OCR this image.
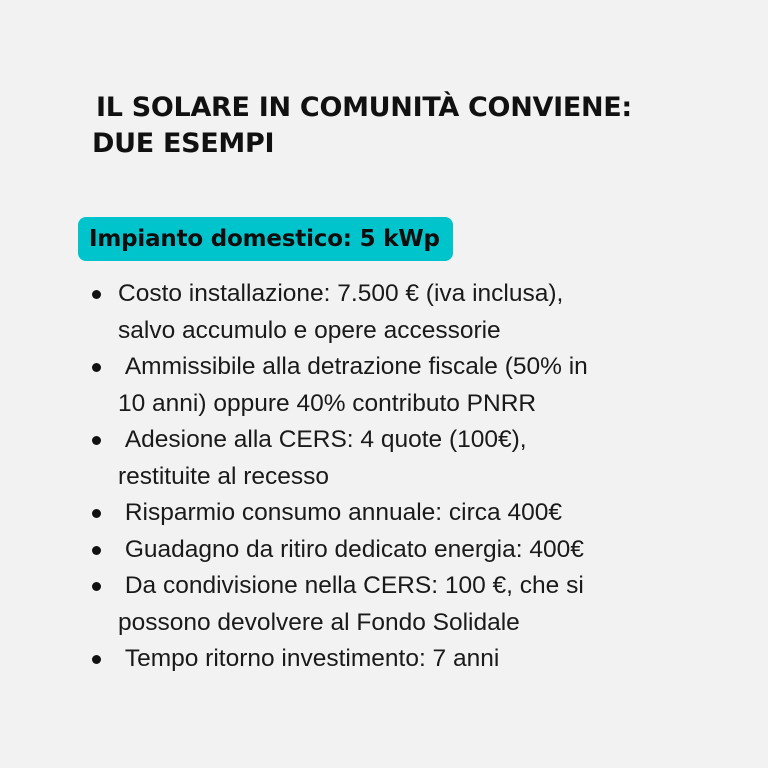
IL SOLARE IN COMUNITÀ CONVIENE:
DUE ESEMPI
Impianto domestico: 5 kWp
Costo installazione: 7.500 € (iva inclusa),
salvo accumulo e opere accessorie
Ammissibile alla detrazione fiscale (50% in
10 anni) oppure 40% contributo PNRR
Adesione alla CERS: 4 quote (100€),
restituite al recesso
Risparmio consumo annuale: circa 400€
Guadagno da ritiro dedicato energia: 400€
Da condivisione nella CERS: 100 €, che si
possono devolvere al Fondo Solidale
Tempo ritorno investimento: 7 anni
